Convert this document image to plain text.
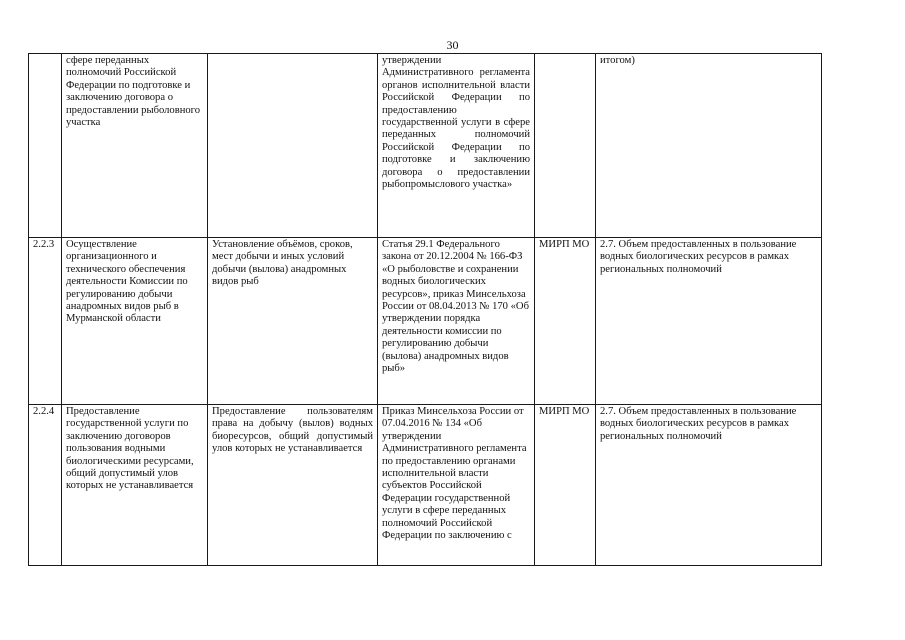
30

	сфере переданных полномочий Российской Федерации по подготовке и заключению договора о предоставлении рыболовного участка		утверждении Административного регламента органов исполнительной власти Российской Федерации по предоставлению государственной услуги в сфере переданных полномочий Российской Федерации по подготовке и заключению договора о предоставлении рыбопромыслового участка»		итогом)
2.2.3	Осуществление организационного и технического обеспечения деятельности Комиссии по регулированию добычи анадромных видов рыб в Мурманской области	Установление объёмов, сроков, мест добычи и иных условий добычи (вылова) анадромных видов рыб	Статья 29.1 Федерального закона от 20.12.2004 № 166-ФЗ «О рыболовстве и сохранении водных биологических ресурсов», приказ Минсельхоза России от 08.04.2013 № 170 «Об утверждении порядка деятельности комиссии по регулированию добычи (вылова) анадромных видов рыб»	МИРП МО	2.7. Объем предоставленных в пользование водных биологических ресурсов в рамках региональных полномочий
2.2.4	Предоставление государственной услуги по заключению договоров пользования водными биологическими ресурсами, общий допустимый улов которых не устанавливается	Предоставление пользователям права на добычу (вылов) водных биоресурсов, общий допустимый улов которых не устанавливается	Приказ Минсельхоза России от 07.04.2016 № 134 «Об утверждении Административного регламента по предоставлению органами исполнительной власти субъектов Российской Федерации государственной услуги в сфере переданных полномочий Российской Федерации по заключению с	МИРП МО	2.7. Объем предоставленных в пользование водных биологических ресурсов в рамках региональных полномочий
